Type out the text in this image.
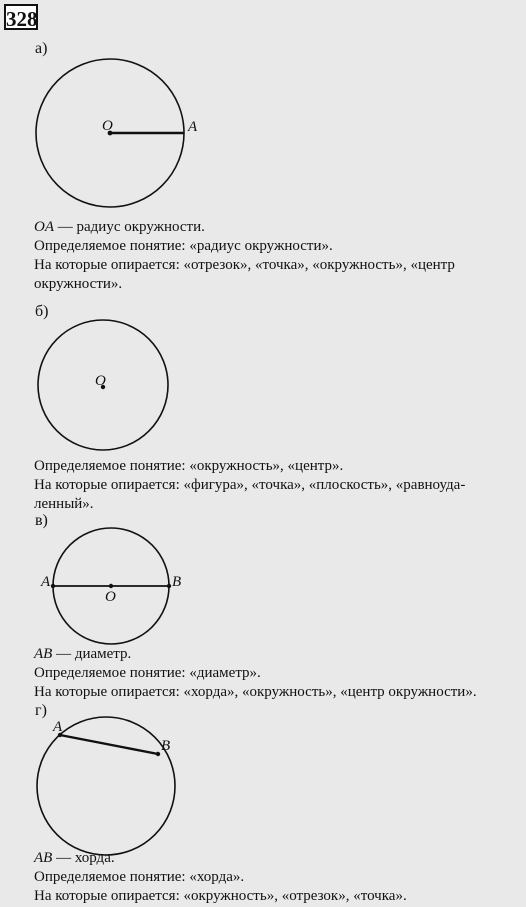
328
а)
O	A
O
A
O
B
A
B
OA — радиус окружности.
Определяемое понятие: «радиус окружности».
На которые опирается: «отрезок», «точка», «окружность», «центр
окружности».
б)
Определяемое понятие: «окружность», «центр».
На которые опирается: «фигура», «точка», «плоскость», «равноуда-
ленный».
в)
AB — диаметр.
Определяемое понятие: «диаметр».
На которые опирается: «хорда», «окружность», «центр окружности».
г)
AB — хорда.
Определяемое понятие: «хорда».
На которые опирается: «окружность», «отрезок», «точка».
